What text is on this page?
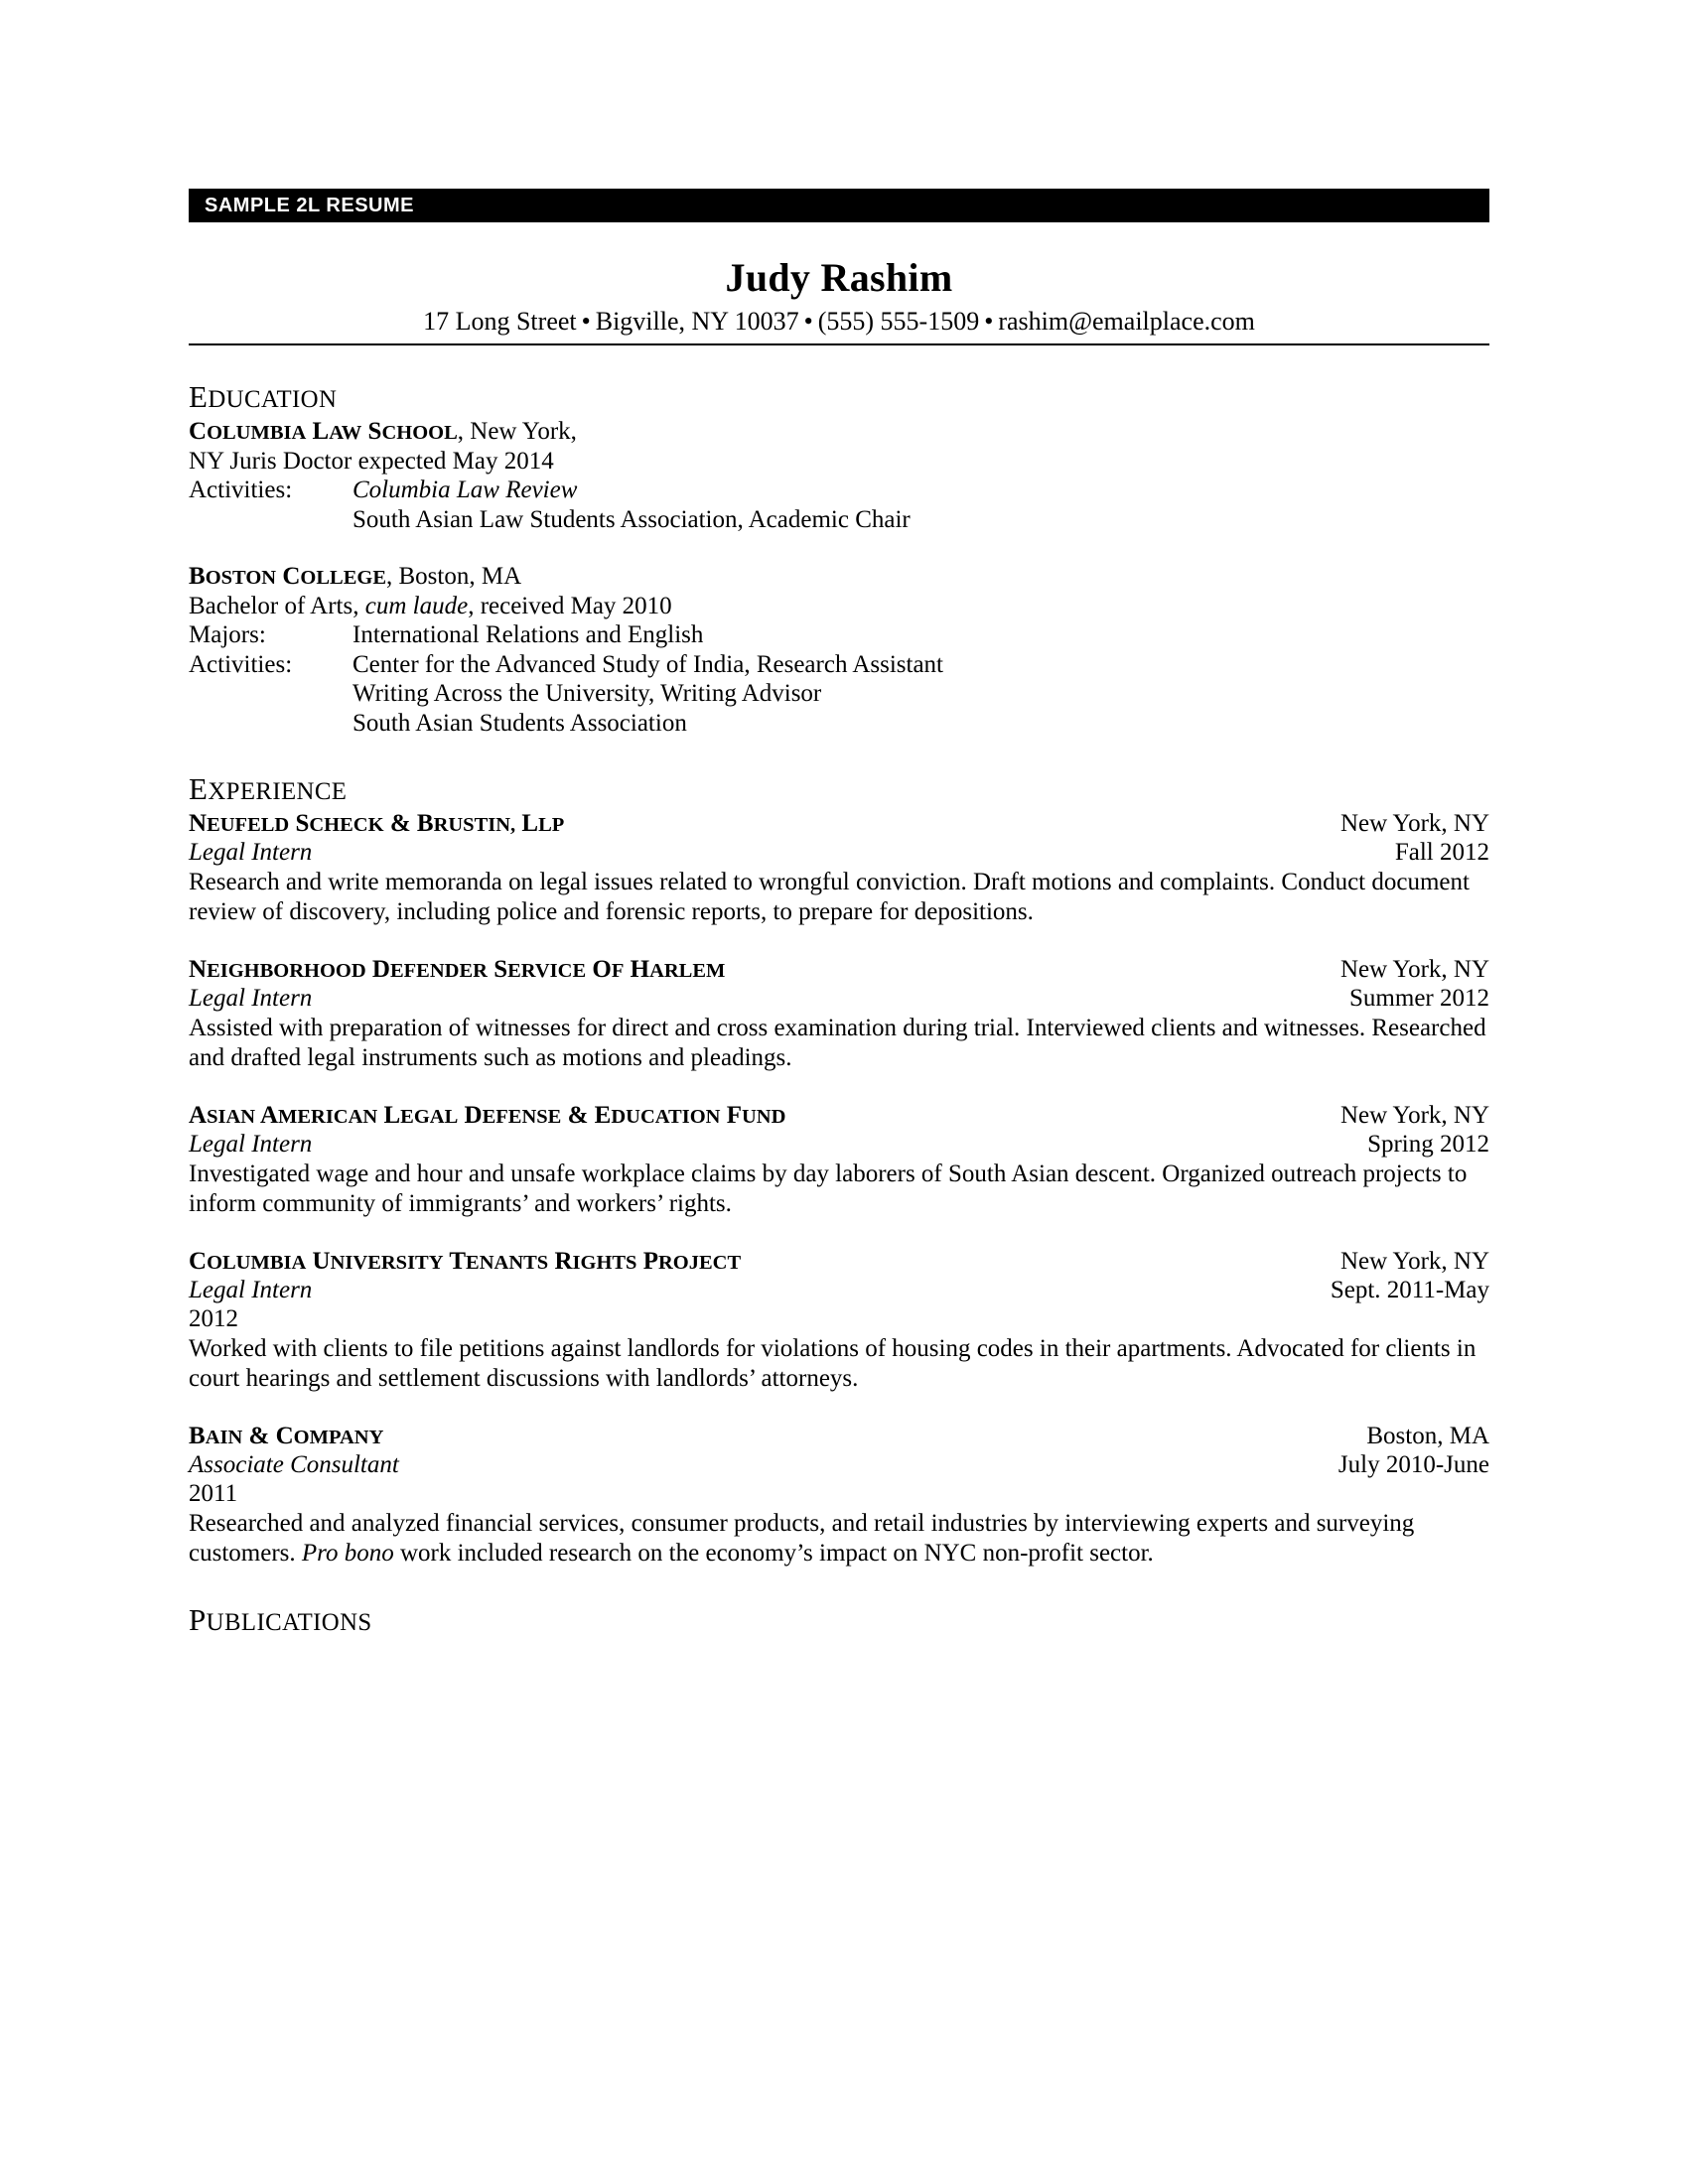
SAMPLE 2L RESUME
Judy Rashim
17 Long Street • Bigville, NY 10037 • (555) 555-1509 • rashim@emailplace.com
EDUCATION
COLUMBIA LAW SCHOOL, New York,
NY Juris Doctor expected May 2014
Activities:	Columbia Law Review
South Asian Law Students Association, Academic Chair
BOSTON COLLEGE, Boston, MA
Bachelor of Arts, cum laude, received May 2010
Majors:	International Relations and English
Activities:	Center for the Advanced Study of India, Research Assistant
Writing Across the University, Writing Advisor
South Asian Students Association
EXPERIENCE
NEUFELD SCHECK & BRUSTIN, LLP	New York, NY
Legal Intern	Fall 2012
Research and write memoranda on legal issues related to wrongful conviction. Draft motions and complaints. Conduct document review of discovery, including police and forensic reports, to prepare for depositions.
NEIGHBORHOOD DEFENDER SERVICE OF HARLEM	New York, NY
Legal Intern	Summer 2012
Assisted with preparation of witnesses for direct and cross examination during trial. Interviewed clients and witnesses. Researched and drafted legal instruments such as motions and pleadings.
ASIAN AMERICAN LEGAL DEFENSE & EDUCATION FUND	New York, NY
Legal Intern	Spring 2012
Investigated wage and hour and unsafe workplace claims by day laborers of South Asian descent. Organized outreach projects to inform community of immigrants’ and workers’ rights.
COLUMBIA UNIVERSITY TENANTS RIGHTS PROJECT	New York, NY
Legal Intern	Sept. 2011-May
2012
Worked with clients to file petitions against landlords for violations of housing codes in their apartments. Advocated for clients in court hearings and settlement discussions with landlords’ attorneys.
BAIN & COMPANY	Boston, MA
Associate Consultant	July 2010-June
2011
Researched and analyzed financial services, consumer products, and retail industries by interviewing experts and surveying customers. Pro bono work included research on the economy’s impact on NYC non-profit sector.
PUBLICATIONS
